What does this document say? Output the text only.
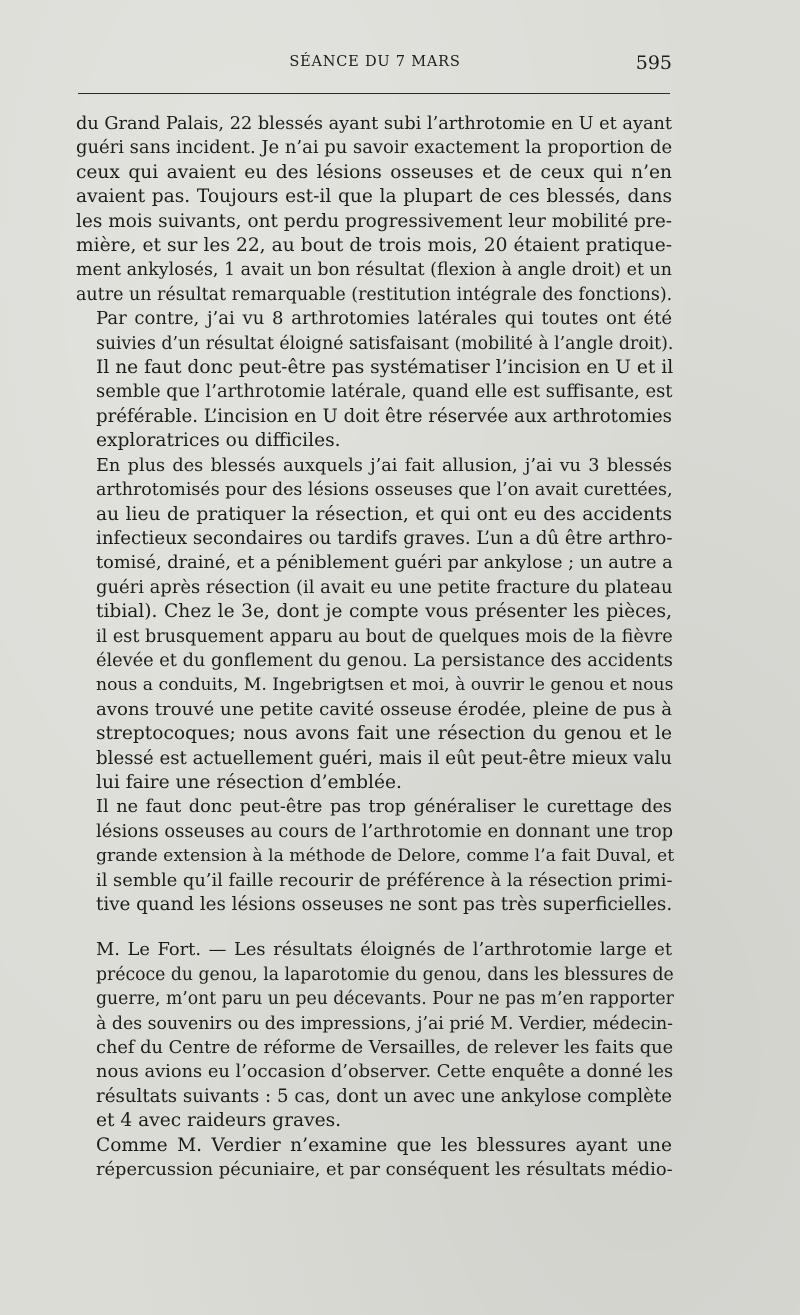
SÉANCE DU 7 MARS	595

du Grand Palais, 22 blessés ayant subi l’arthrotomie en U et ayant
guéri sans incident. Je n’ai pu savoir exactement la proportion de
ceux qui avaient eu des lésions osseuses et de ceux qui n’en
avaient pas. Toujours est-il que la plupart de ces blessés, dans
les mois suivants, ont perdu progressivement leur mobilité pre-
mière, et sur les 22, au bout de trois mois, 20 étaient pratique-
ment ankylosés, 1 avait un bon résultat (flexion à angle droit) et un
autre un résultat remarquable (restitution intégrale des fonctions).

Par contre, j’ai vu 8 arthrotomies latérales qui toutes ont été
suivies d’un résultat éloigné satisfaisant (mobilité à l’angle droit).
Il ne faut donc peut-être pas systématiser l’incision en U et il
semble que l’arthrotomie latérale, quand elle est suffisante, est
préférable. L’incision en U doit être réservée aux arthrotomies
exploratrices ou difficiles.

En plus des blessés auxquels j’ai fait allusion, j’ai vu 3 blessés
arthrotomisés pour des lésions osseuses que l’on avait curettées,
au lieu de pratiquer la résection, et qui ont eu des accidents
infectieux secondaires ou tardifs graves. L’un a dû être arthro-
tomisé, drainé, et a péniblement guéri par ankylose ; un autre a
guéri après résection (il avait eu une petite fracture du plateau
tibial). Chez le 3e, dont je compte vous présenter les pièces,
il est brusquement apparu au bout de quelques mois de la fièvre
élevée et du gonflement du genou. La persistance des accidents
nous a conduits, M. Ingebrigtsen et moi, à ouvrir le genou et nous
avons trouvé une petite cavité osseuse érodée, pleine de pus à
streptocoques; nous avons fait une résection du genou et le
blessé est actuellement guéri, mais il eût peut-être mieux valu
lui faire une résection d’emblée.

Il ne faut donc peut-être pas trop généraliser le curettage des
lésions osseuses au cours de l’arthrotomie en donnant une trop
grande extension à la méthode de Delore, comme l’a fait Duval, et
il semble qu’il faille recourir de préférence à la résection primi-
tive quand les lésions osseuses ne sont pas très superficielles.

M. Le Fort. — Les résultats éloignés de l’arthrotomie large et
précoce du genou, la laparotomie du genou, dans les blessures de
guerre, m’ont paru un peu décevants. Pour ne pas m’en rapporter
à des souvenirs ou des impressions, j’ai prié M. Verdier, médecin-
chef du Centre de réforme de Versailles, de relever les faits que
nous avions eu l’occasion d’observer. Cette enquête a donné les
résultats suivants : 5 cas, dont un avec une ankylose complète
et 4 avec raideurs graves.

Comme M. Verdier n’examine que les blessures ayant une
répercussion pécuniaire, et par conséquent les résultats médio-
